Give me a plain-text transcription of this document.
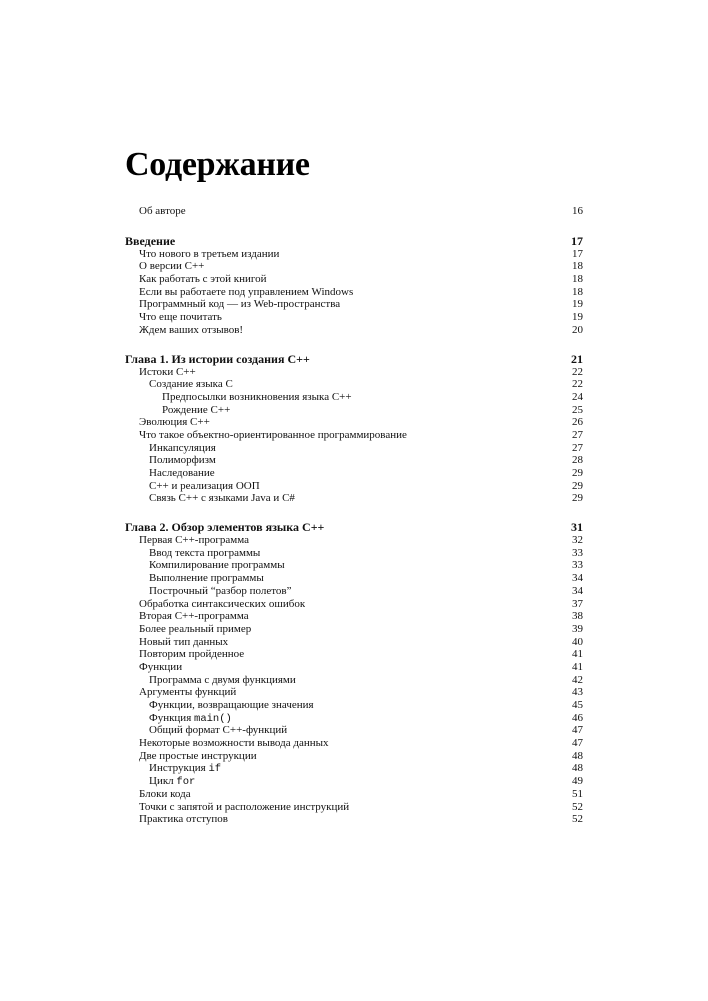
Содержание
Об авторе	16
Введение	17
Что нового в третьем издании	17
О версии С++	18
Как работать с этой книгой	18
Если вы работаете под управлением Windows	18
Программный код — из Web-пространства	19
Что еще почитать	19
Ждем ваших отзывов!	20
Глава 1. Из истории создания С++	21
Истоки С++	22
Создание языка С	22
Предпосылки возникновения языка С++	24
Рождение С++	25
Эволюция С++	26
Что такое объектно-ориентированное программирование	27
Инкапсуляция	27
Полиморфизм	28
Наследование	29
С++ и реализация ООП	29
Связь С++ с языками Java и С#	29
Глава 2. Обзор элементов языка С++	31
Первая С++-программа	32
Ввод текста программы	33
Компилирование программы	33
Выполнение программы	34
Построчный “разбор полетов”	34
Обработка синтаксических ошибок	37
Вторая С++-программа	38
Более реальный пример	39
Новый тип данных	40
Повторим пройденное	41
Функции	41
Программа с двумя функциями	42
Аргументы функций	43
Функции, возвращающие значения	45
Функция main()	46
Общий формат С++-функций	47
Некоторые возможности вывода данных	47
Две простые инструкции	48
Инструкция if	48
Цикл for	49
Блоки кода	51
Точки с запятой и расположение инструкций	52
Практика отступов	52
